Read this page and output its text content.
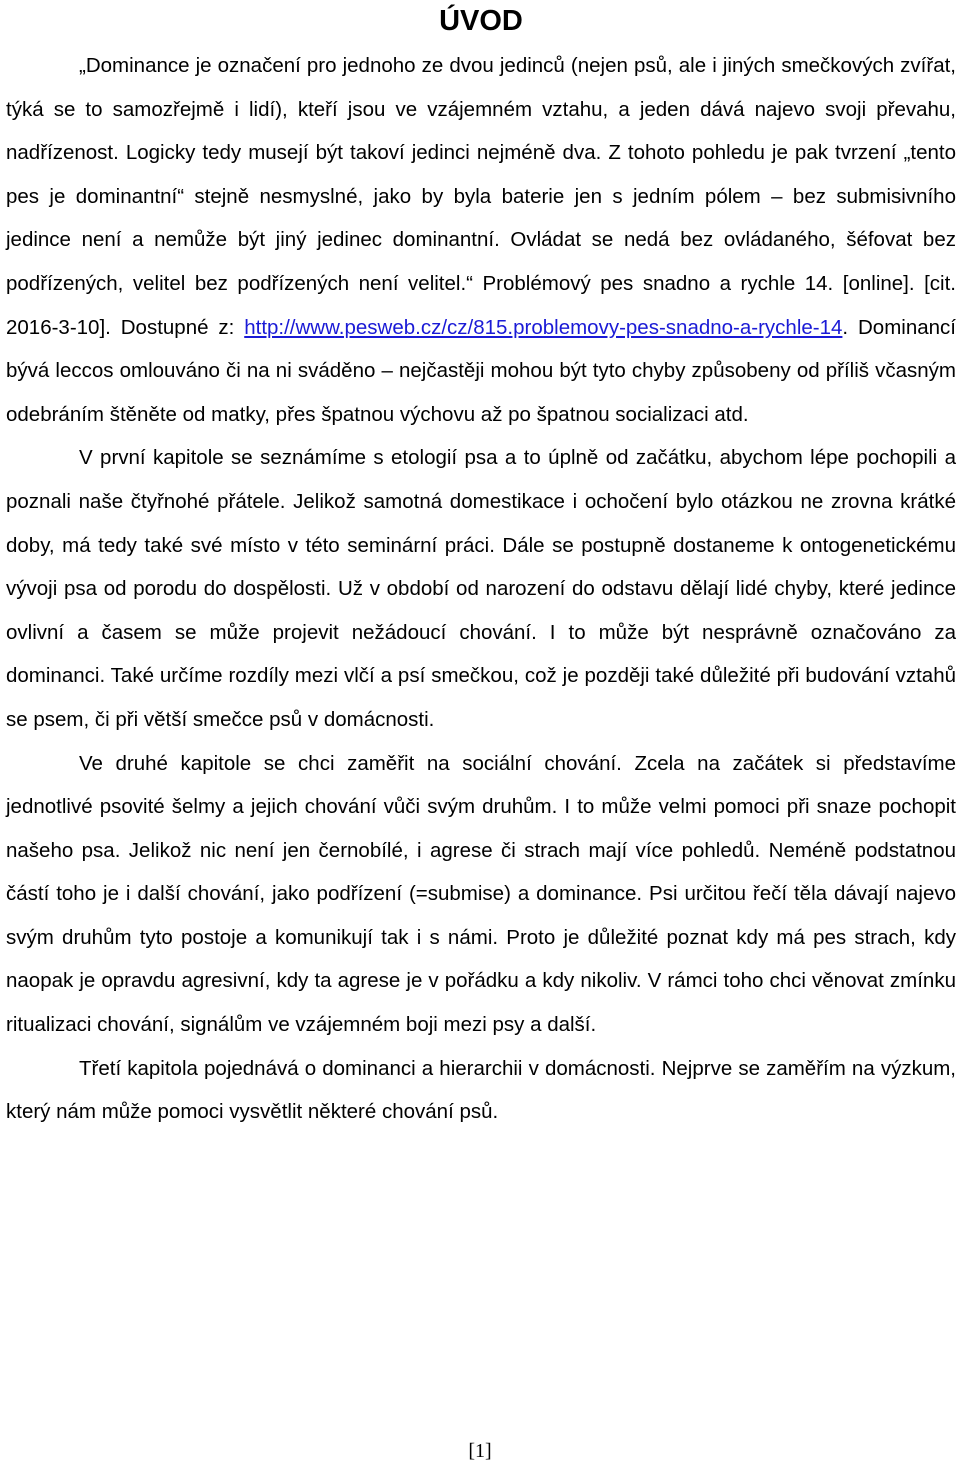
ÚVOD

„Dominance je označení pro jednoho ze dvou jedinců (nejen psů, ale i jiných smečkových zvířat, týká se to samozřejmě i lidí), kteří jsou ve vzájemném vztahu, a jeden dává najevo svoji převahu, nadřízenost. Logicky tedy musejí být takoví jedinci nejméně dva. Z tohoto pohledu je pak tvrzení „tento pes je dominantní“ stejně nesmyslné, jako by byla baterie jen s jedním pólem – bez submisivního jedince není a nemůže být jiný jedinec dominantní. Ovládat se nedá bez ovládaného, šéfovat bez podřízených, velitel bez podřízených není velitel.“ Problémový pes snadno a rychle 14. [online]. [cit. 2016-3-10]. Dostupné z: http://www.pesweb.cz/cz/815.problemovy-pes-snadno-a-rychle-14. Dominancí bývá leccos omlouváno či na ni sváděno – nejčastěji mohou být tyto chyby způsobeny od příliš včasným odebráním štěněte od matky, přes špatnou výchovu až po špatnou socializaci atd.

V první kapitole se seznámíme s etologií psa a to úplně od začátku, abychom lépe pochopili a poznali naše čtyřnohé přátele. Jelikož samotná domestikace i ochočení bylo otázkou ne zrovna krátké doby, má tedy také své místo v této seminární práci. Dále se postupně dostaneme k ontogenetickému vývoji psa od porodu do dospělosti. Už v období od narození do odstavu dělají lidé chyby, které jedince ovlivní a časem se může projevit nežádoucí chování. I to může být nesprávně označováno za dominanci. Také určíme rozdíly mezi vlčí a psí smečkou, což je později také důležité při budování vztahů se psem, či při větší smečce psů v domácnosti.

Ve druhé kapitole se chci zaměřit na sociální chování. Zcela na začátek si představíme jednotlivé psovité šelmy a jejich chování vůči svým druhům. I to může velmi pomoci při snaze pochopit našeho psa. Jelikož nic není jen černobílé, i agrese či strach mají více pohledů. Neméně podstatnou částí toho je i další chování, jako podřízení (=submise) a dominance. Psi určitou řečí těla dávají najevo svým druhům tyto postoje a komunikují tak i s námi. Proto je důležité poznat kdy má pes strach, kdy naopak je opravdu agresivní, kdy ta agrese je v pořádku a kdy nikoliv. V rámci toho chci věnovat zmínku ritualizaci chování, signálům ve vzájemném boji mezi psy a další.

Třetí kapitola pojednává o dominanci a hierarchii v domácnosti. Nejprve se zaměřím na výzkum, který nám může pomoci vysvětlit některé chování psů.

[1]
